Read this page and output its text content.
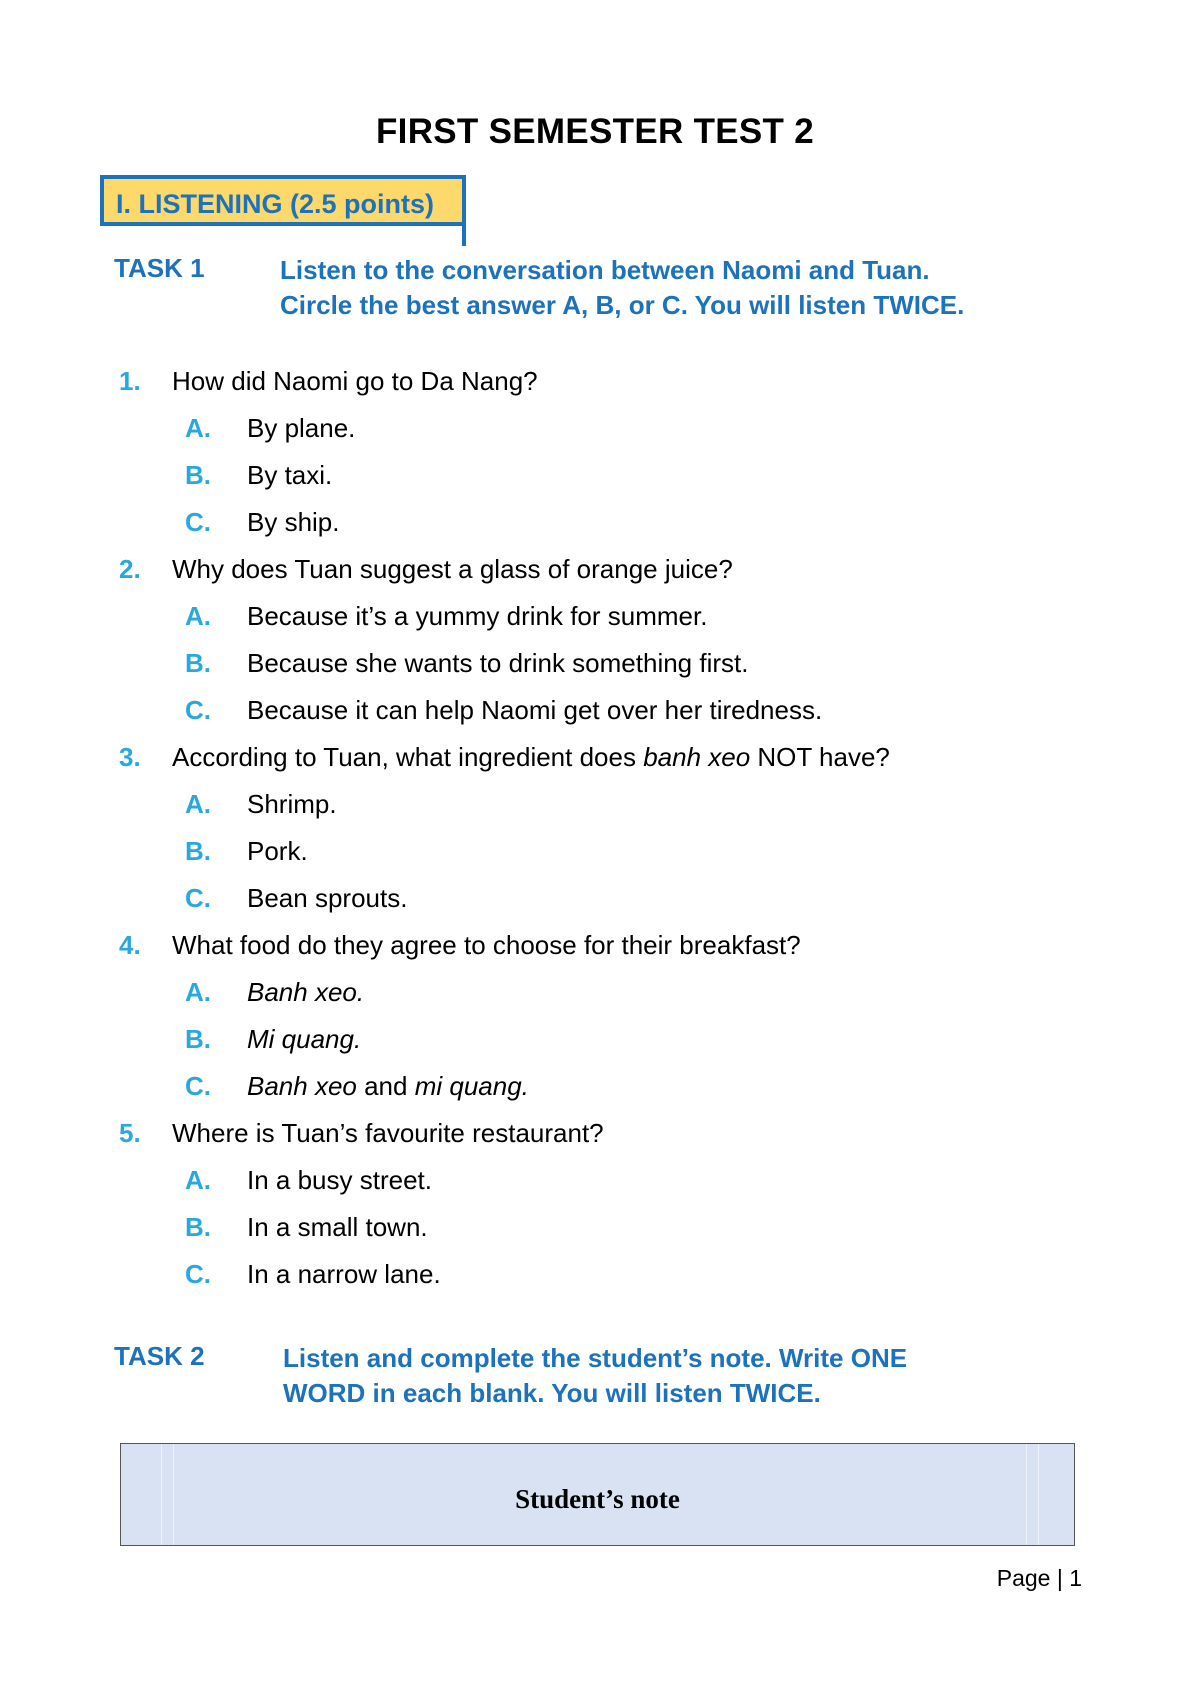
FIRST SEMESTER TEST 2
I. LISTENING (2.5 points)
TASK 1	Listen to the conversation between Naomi and Tuan.
Circle the best answer A, B, or C. You will listen TWICE.
1. How did Naomi go to Da Nang?
A. By plane.
B. By taxi.
C. By ship.
2. Why does Tuan suggest a glass of orange juice?
A. Because it’s a yummy drink for summer.
B. Because she wants to drink something first.
C. Because it can help Naomi get over her tiredness.
3. According to Tuan, what ingredient does banh xeo NOT have?
A. Shrimp.
B. Pork.
C. Bean sprouts.
4. What food do they agree to choose for their breakfast?
A. Banh xeo.
B. Mi quang.
C. Banh xeo and mi quang.
5. Where is Tuan’s favourite restaurant?
A. In a busy street.
B. In a small town.
C. In a narrow lane.
TASK 2	Listen and complete the student’s note. Write ONE
WORD in each blank. You will listen TWICE.
Student’s note
Page | 1
